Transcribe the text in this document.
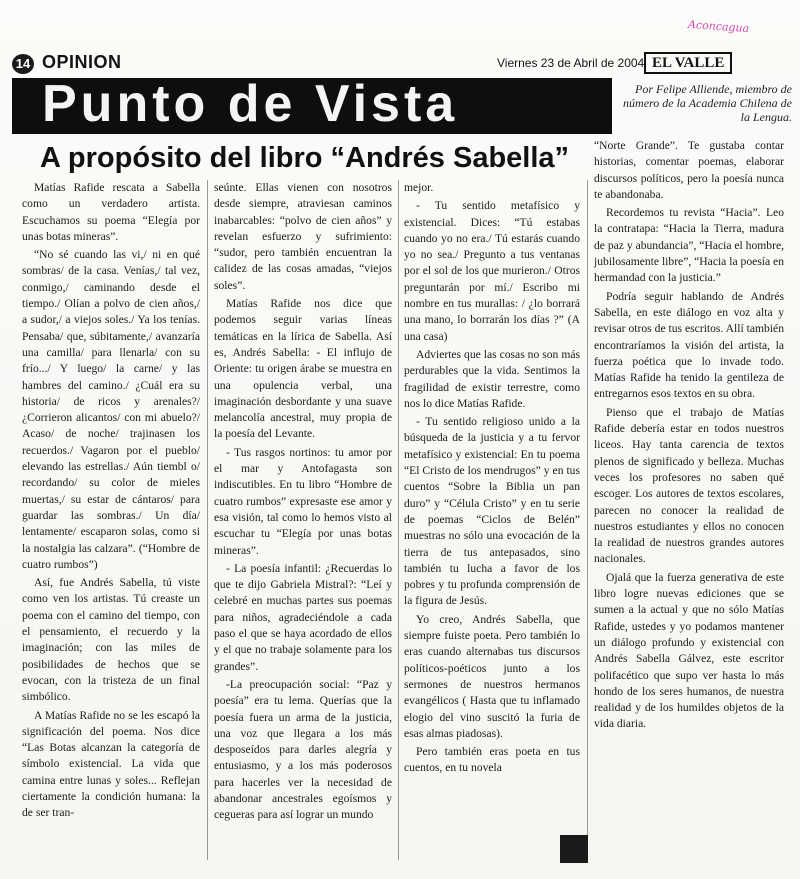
Aconcagua
14 OPINION	Viernes 23 de Abril de 2004 EL VALLE
Punto de Vista	Por Felipe Alliende, miembro de número de la Academia Chilena de la Lengua.
A propósito del libro “Andrés Sabella”

Matías Rafide rescata a Sabella como un verdadero artista. Escuchamos su poema “Elegía por unas botas mineras”.

“No sé cuando las vi,/ ni en qué sombras/ de la casa. Venías,/ tal vez, conmigo,/ caminando desde el tiempo./ Olían a polvo de cien años,/ a sudor,/ a viejos soles./ Ya los tenías. Pensaba/ que, súbitamente,/ avanzaría una camilla/ para llenarla/ con su frío.../ Y luego/ la carne/ y las hambres del camino./ ¿Cuál era su historia/ de ricos y arenales?/ ¿Corrieron alicantos/ con mi abuelo?/ Acaso/ de noche/ trajinasen los recuerdos./ Vagaron por el pueblo/ elevando las estrellas./ Aún tiembl o/ recordando/ su color de mieles muertas,/ su estar de cántaros/ para guardar las sombras./ Un día/ lentamente/ escaparon solas, como si la nostalgia las calzara”. (“Hombre de cuatro rumbos”)

Así, fue Andrés Sabella, tú viste como ven los artistas. Tú creaste un poema con el camino del tiempo, con el pensamiento, el recuerdo y la imaginación; con las miles de posibilidades de hechos que se evocan, con la tristeza de un final simbólico.

A Matías Rafide no se les escapó la significación del poema. Nos dice “Las Botas alcanzan la categoría de símbolo existencial. La vida que camina entre lunas y soles... Reflejan ciertamente la condición humana: la de ser tran-

seúnte. Ellas vienen con nosotros desde siempre, atraviesan caminos inabarcables: “polvo de cien años” y revelan esfuerzo y sufrimiento: “sudor, pero también encuentran la calidez de las cosas amadas, “viejos soles”.

Matías Rafide nos dice que podemos seguir varias líneas temáticas en la lírica de Sabella. Así es, Andrés Sabella: - El influjo de Oriente: tu origen árabe se muestra en una opulencia verbal, una imaginación desbordante y una suave melancolía ancestral, muy propia de la poesía del Levante.

- Tus rasgos nortinos: tu amor por el mar y Antofagasta son indiscutibles. En tu libro “Hombre de cuatro rumbos” expresaste ese amor y esa visión, tal como lo hemos visto al escuchar tu “Elegía por unas botas mineras”.

- La poesía infantil: ¿Recuerdas lo que te dijo Gabriela Mistral?: “Leí y celebré en muchas partes sus poemas para niños, agradeciéndole a cada paso el que se haya acordado de ellos y el que no trabaje solamente para los grandes”.

-La preocupación social: “Paz y poesía” era tu lema. Querías que la poesía fuera un arma de la justicia, una voz que llegara a los más desposeídos para darles alegría y entusiasmo, y a los más poderosos para hacerles ver la necesidad de abandonar ancestrales egoísmos y cegueras para así lograr un mundo

mejor.

- Tu sentido metafísico y existencial. Dices: “Tú estabas cuando yo no era./ Tú estarás cuando yo no sea./ Pregunto a tus ventanas por el sol de los que murieron./ Otros preguntarán por mí./ Escribo mi nombre en tus murallas: / ¿lo borrará una mano, lo borrarán los días ?” (A una casa)

Adviertes que las cosas no son más perdurables que la vida. Sentimos la fragilidad de existir terrestre, como nos lo dice Matías Rafide.

- Tu sentido religioso unido a la búsqueda de la justicia y a tu fervor metafísico y existencial: En tu poema “El Cristo de los mendrugos” y en tus cuentos “Sobre la Biblia un pan duro” y “Célula Cristo” y en tu serie de poemas “Ciclos de Belén” muestras no sólo una evocación de la tierra de tus antepasados, sino también tu lucha a favor de los pobres y tu profunda comprensión de la figura de Jesús.

Yo creo, Andrés Sabella, que siempre fuiste poeta. Pero también lo eras cuando alternabas tus discursos políticos-poéticos junto a los sermones de nuestros hermanos evangélicos ( Hasta que tu inflamado elogio del vino suscitó la furia de esas almas piadosas).

Pero también eras poeta en tus cuentos, en tu novela

“Norte Grande”. Te gustaba contar historias, comentar poemas, elaborar discursos políticos, pero la poesía nunca te abandonaba.

Recordemos tu revista “Hacia”. Leo la contratapa: “Hacia la Tierra, madura de paz y abundancia”, “Hacia el hombre, jubilosamente libre”, “Hacia la poesía en hermandad con la justicia.”

Podría seguir hablando de Andrés Sabella, en este diálogo en voz alta y revisar otros de tus escritos. Allí también encontraríamos la visión del artista, la fuerza poética que lo invade todo. Matías Rafide ha tenido la gentileza de entregarnos esos textos en su obra.

Pienso que el trabajo de Matías Rafide debería estar en todos nuestros liceos. Hay tanta carencia de textos plenos de significado y belleza. Muchas veces los profesores no saben qué escoger. Los autores de textos escolares, parecen no conocer la realidad de nuestros estudiantes y ellos no conocen la realidad de nuestros grandes autores nacionales.

Ojalá que la fuerza generativa de este libro logre nuevas ediciones que se sumen a la actual y que no sólo Matías Rafide, ustedes y yo podamos mantener un diálogo profundo y existencial con Andrés Sabella Gálvez, este escritor polifacético que supo ver hasta lo más hondo de los seres humanos, de nuestra realidad y de los humildes objetos de la vida diaria.
